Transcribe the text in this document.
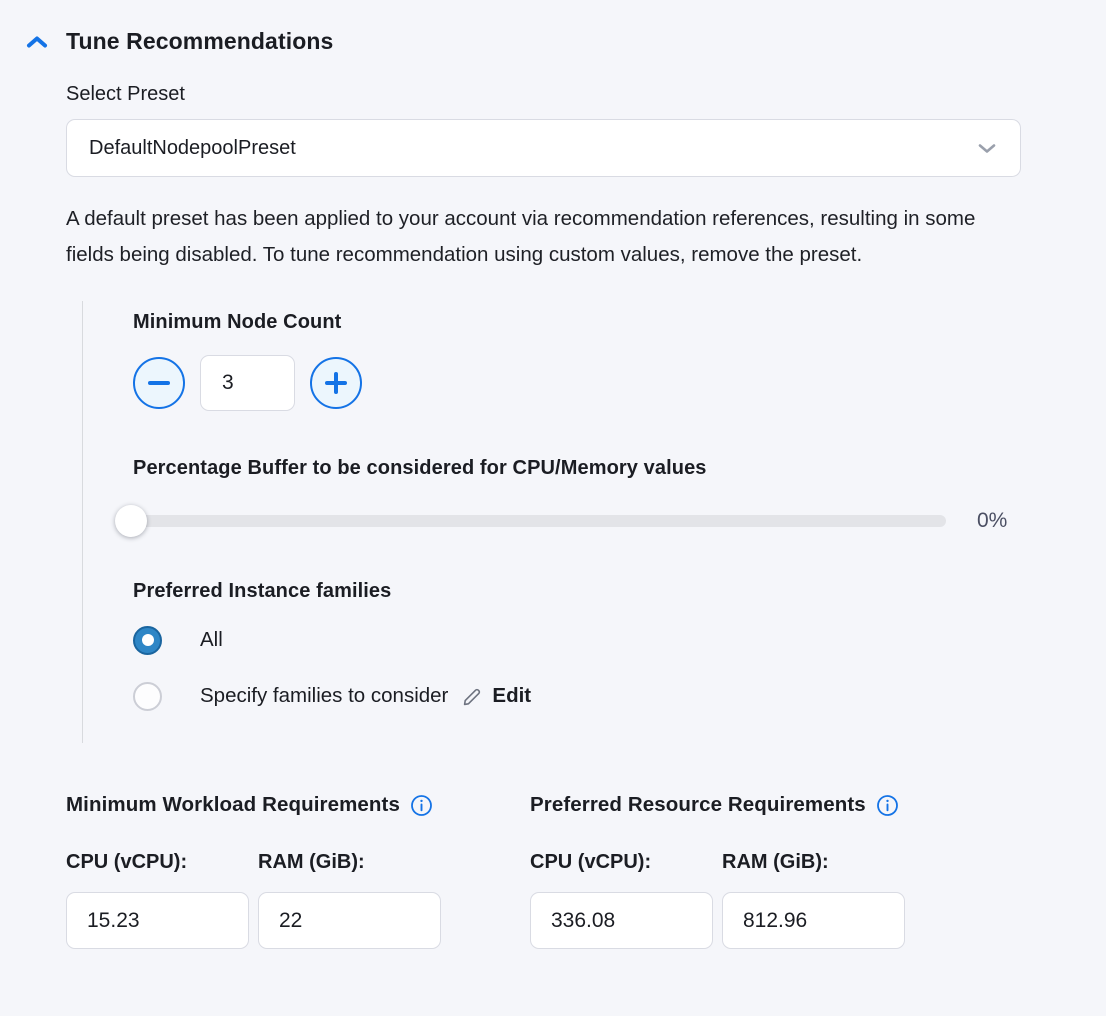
Tune Recommendations
Select Preset
DefaultNodepoolPreset
A default preset has been applied to your account via recommendation references, resulting in some fields being disabled. To tune recommendation using custom values, remove the preset.
Minimum Node Count
3
Percentage Buffer to be considered for CPU/Memory values
0%
Preferred Instance families
All
Specify families to consider Edit
Minimum Workload Requirements
CPU (vCPU):
15.23	RAM (GiB):
22
Preferred Resource Requirements
CPU (vCPU):
336.08	RAM (GiB):
812.96
